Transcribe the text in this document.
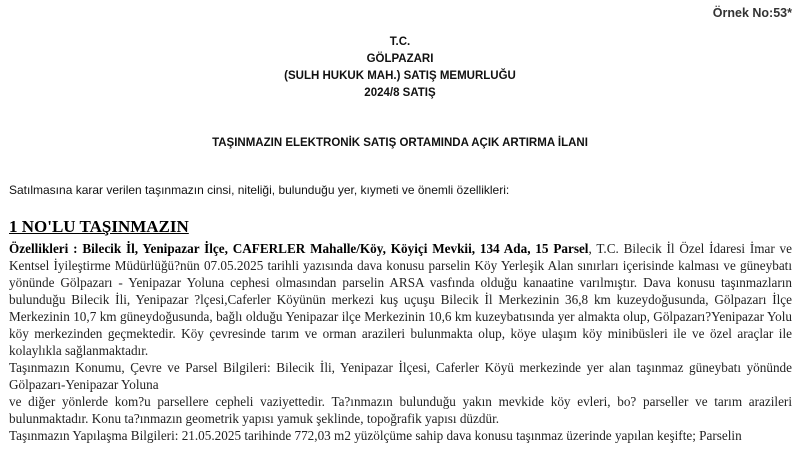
Örnek No:53*
T.C.
GÖLPAZARI
(SULH HUKUK MAH.) SATIŞ MEMURLUĞU
2024/8 SATIŞ
TAŞINMAZIN ELEKTRONİK SATIŞ ORTAMINDA AÇIK ARTIRMA İLANI
Satılmasına karar verilen taşınmazın cinsi, niteliği, bulunduğu yer, kıymeti ve önemli özellikleri:
1 NO'LU TAŞINMAZIN

Özellikleri : Bilecik İl, Yenipazar İlçe, CAFERLER Mahalle/Köy, Köyiçi Mevkii, 134 Ada, 15 Parsel, T.C. Bilecik İl Özel İdaresi İmar ve Kentsel İyileştirme Müdürlüğü?nün 07.05.2025 tarihli yazısında dava konusu parselin Köy Yerleşik Alan sınırları içerisinde kalması ve güneybatı yönünde Gölpazarı - Yenipazar Yoluna cephesi olmasından parselin ARSA vasfında olduğu kanaatine varılmıştır. Dava konusu taşınmazların bulunduğu Bilecik İli, Yenipazar ?lçesi,Caferler Köyünün merkezi kuş uçuşu Bilecik İl Merkezinin 36,8 km kuzeydoğusunda, Gölpazarı İlçe Merkezinin 10,7 km güneydoğusunda, bağlı olduğu Yenipazar ilçe Merkezinin 10,6 km kuzeybatısında yer almakta olup, Gölpazarı?Yenipazar Yolu köy merkezinden geçmektedir. Köy çevresinde tarım ve orman arazileri bulunmakta olup, köye ulaşım köy minibüsleri ile ve özel araçlar ile kolaylıkla sağlanmaktadır.

Taşınmazın Konumu, Çevre ve Parsel Bilgileri: Bilecik İli, Yenipazar İlçesi, Caferler Köyü merkezinde yer alan taşınmaz güneybatı yönünde Gölpazarı-Yenipazar Yoluna

ve diğer yönlerde kom?u parsellere cepheli vaziyettedir. Ta?ınmazın bulunduğu yakın mevkide köy evleri, bo? parseller ve tarım arazileri bulunmaktadır. Konu ta?ınmazın geometrik yapısı yamuk şeklinde, topoğrafik yapısı düzdür.

Taşınmazın Yapılaşma Bilgileri: 21.05.2025 tarihinde 772,03 m2 yüzölçüme sahip dava konusu taşınmaz üzerinde yapılan keşifte; Parselin
